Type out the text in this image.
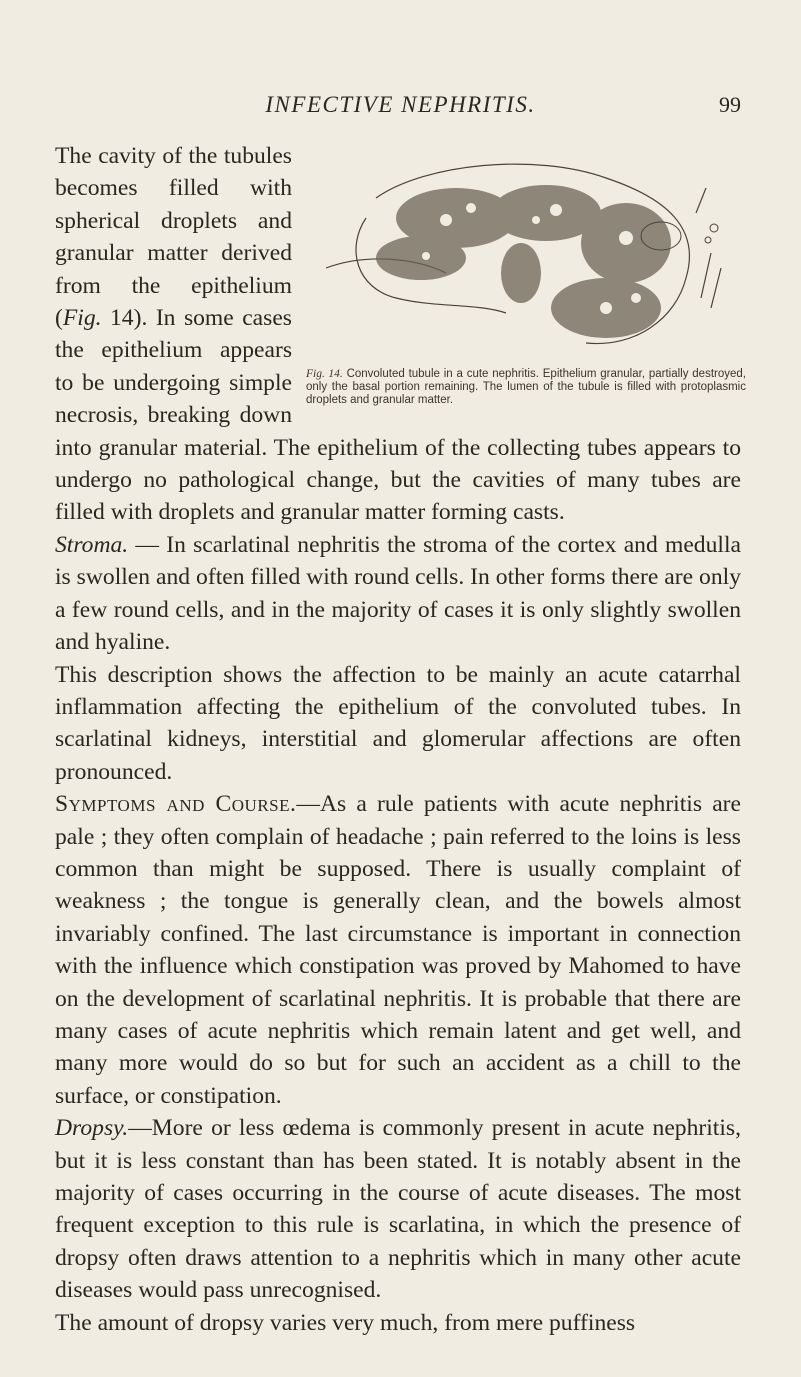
INFECTIVE NEPHRITIS.	99
Fig. 14. Convoluted tubule in a cute nephritis. Epithelium granular, partially destroyed, only the basal portion remaining. The lumen of the tubule is filled with protoplasmic droplets and granular matter.

The cavity of the tubules becomes filled with spherical droplets and granular matter derived from the epithelium (Fig. 14). In some cases the epithelium appears to be undergoing simple necrosis, breaking down into granular material. The epithelium of the collecting tubes appears to undergo no pathological change, but the cavities of many tubes are filled with droplets and granular matter forming casts.

Stroma. — In scarlatinal nephritis the stroma of the cortex and medulla is swollen and often filled with round cells. In other forms there are only a few round cells, and in the majority of cases it is only slightly swollen and hyaline.

This description shows the affection to be mainly an acute catarrhal inflammation affecting the epithelium of the convoluted tubes. In scarlatinal kidneys, interstitial and glomerular affections are often pronounced.

Symptoms and Course.—As a rule patients with acute nephritis are pale ; they often complain of headache ; pain referred to the loins is less common than might be supposed. There is usually complaint of weakness ; the tongue is generally clean, and the bowels almost invariably confined. The last circumstance is important in connection with the influence which constipation was proved by Mahomed to have on the development of scarlatinal nephritis. It is probable that there are many cases of acute nephritis which remain latent and get well, and many more would do so but for such an accident as a chill to the surface, or constipation.

Dropsy.—More or less œdema is commonly present in acute nephritis, but it is less constant than has been stated. It is notably absent in the majority of cases occurring in the course of acute diseases. The most frequent exception to this rule is scarlatina, in which the presence of dropsy often draws attention to a nephritis which in many other acute diseases would pass unrecognised.

The amount of dropsy varies very much, from mere puffiness
